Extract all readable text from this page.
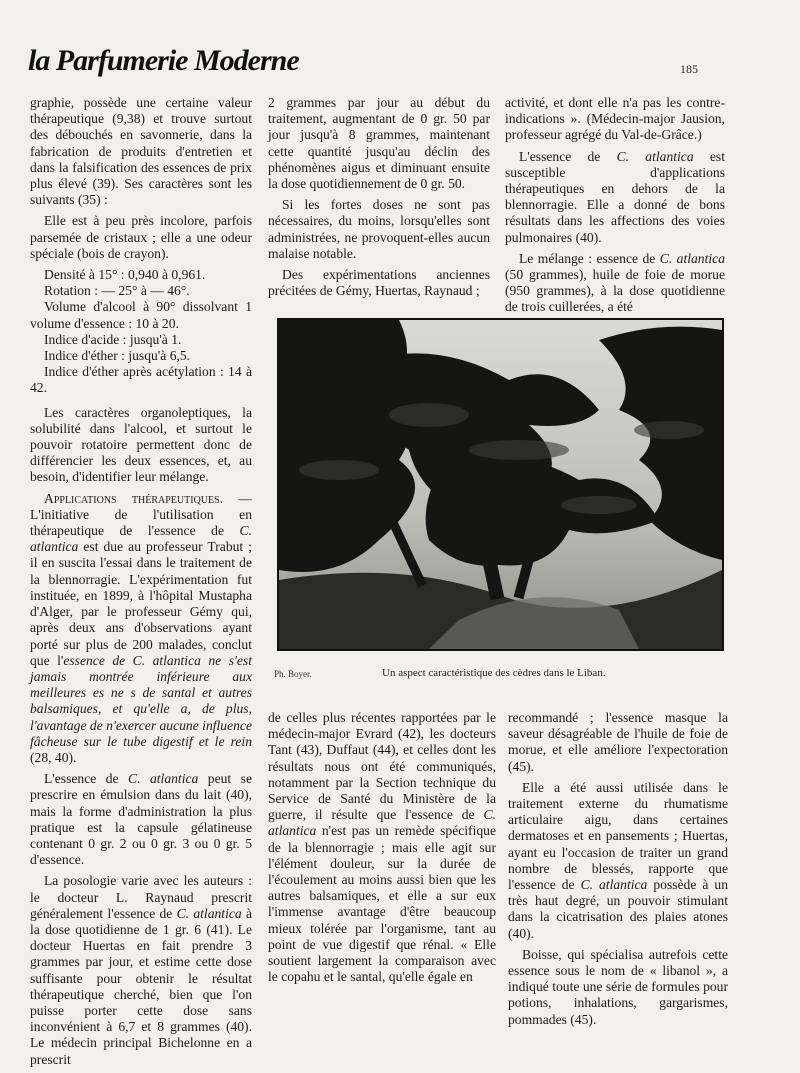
la Parfumerie Moderne	185

graphie, possède une certaine valeur thérapeutique (9,38) et trouve surtout des débouchés en savonnerie, dans la fabrication de produits d'entretien et dans la falsification des essences de prix plus élevé (39). Ses caractères sont les suivants (35) :

Elle est à peu près incolore, parfois parsemée de cristaux ; elle a une odeur spéciale (bois de crayon).

Densité à 15° : 0,940 à 0,961.
Rotation : — 25° à — 46°.
Volume d'alcool à 90° dissolvant 1 volume d'essence : 10 à 20.
Indice d'acide : jusqu'à 1.
Indice d'éther : jusqu'à 6,5.
Indice d'éther après acétylation : 14 à 42.

Les caractères organoleptiques, la solubilité dans l'alcool, et surtout le pouvoir rotatoire permettent donc de différencier les deux essences, et, au besoin, d'identifier leur mélange.

Applications thérapeutiques. — L'initiative de l'utilisation en thérapeutique de l'essence de C. atlantica est due au professeur Trabut ; il en suscita l'essai dans le traitement de la blennorragie. L'expérimentation fut instituée, en 1899, à l'hôpital Mustapha d'Alger, par le professeur Gémy qui, après deux ans d'observations ayant porté sur plus de 200 malades, conclut que l'essence de C. atlantica ne s'est jamais montrée inférieure aux meilleures es ne s de santal et autres balsamiques, et qu'elle a, de plus, l'avantage de n'exercer aucune influence fâcheuse sur le tube digestif et le rein (28, 40).

L'essence de C. atlantica peut se prescrire en émulsion dans du lait (40), mais la forme d'administration la plus pratique est la capsule gélatineuse contenant 0 gr. 2 ou 0 gr. 3 ou 0 gr. 5 d'essence.

La posologie varie avec les auteurs : le docteur L. Raynaud prescrit généralement l'essence de C. atlantica à la dose quotidienne de 1 gr. 6 (41). Le docteur Huertas en fait prendre 3 grammes par jour, et estime cette dose suffisante pour obtenir le résultat thérapeutique cherché, bien que l'on puisse porter cette dose sans inconvénient à 6,7 et 8 grammes (40). Le médecin principal Bichelonne en a prescrit

2 grammes par jour au début du traitement, augmentant de 0 gr. 50 par jour jusqu'à 8 grammes, maintenant cette quantité jusqu'au déclin des phénomènes aigus et diminuant ensuite la dose quotidiennement de 0 gr. 50.

Si les fortes doses ne sont pas nécessaires, du moins, lorsqu'elles sont administrées, ne provoquent-elles aucun malaise notable.

Des expérimentations anciennes précitées de Gémy, Huertas, Raynaud ;

activité, et dont elle n'a pas les contre-indications ». (Médecin-major Jausion, professeur agrégé du Val-de-Grâce.)

L'essence de C. atlantica est susceptible d'applications thérapeutiques en dehors de la blennorragie. Elle a donné de bons résultats dans les affections des voies pulmonaires (40).

Le mélange : essence de C. atlantica (50 grammes), huile de foie de morue (950 grammes), à la dose quotidienne de trois cuillerées, a été

Ph. Boyer.	Un aspect caractéristique des cèdres dans le Liban.

de celles plus récentes rapportées par le médecin-major Evrard (42), les docteurs Tant (43), Duffaut (44), et celles dont les résultats nous ont été communiqués, notamment par la Section technique du Service de Santé du Ministère de la guerre, il résulte que l'essence de C. atlantica n'est pas un remède spécifique de la blennorragie ; mais elle agit sur l'élément douleur, sur la durée de l'écoulement au moins aussi bien que les autres balsamiques, et elle a sur eux l'immense avantage d'être beaucoup mieux tolérée par l'organisme, tant au point de vue digestif que rénal. « Elle soutient largement la comparaison avec le copahu et le santal, qu'elle égale en

recommandé ; l'essence masque la saveur désagréable de l'huile de foie de morue, et elle améliore l'expectoration (45).

Elle a été aussi utilisée dans le traitement externe du rhumatisme articulaire aigu, dans certaines dermatoses et en pansements ; Huertas, ayant eu l'occasion de traiter un grand nombre de blessés, rapporte que l'essence de C. atlantica possède à un très haut degré, un pouvoir stimulant dans la cicatrisation des plaies atones (40).

Boisse, qui spécialisa autrefois cette essence sous le nom de « libanol », a indiqué toute une série de formules pour potions, inhalations, gargarismes, pommades (45).
